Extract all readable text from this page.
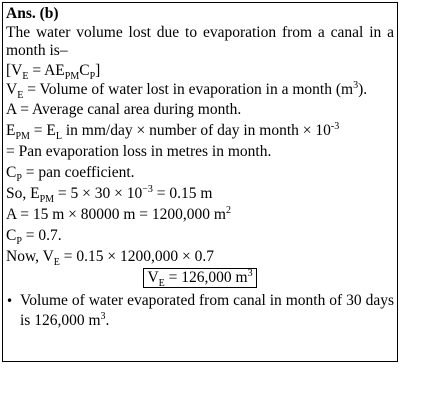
Ans. (b)
The water volume lost due to evaporation from a canal in a month is–
$[V_E = AE_{PM}C_P]$
$V_E$ = Volume of water lost in evaporation in a month $(m^3)$.
A = Average canal area during month.
$E_{PM} = E_L$ in mm/day × number of day in month × $10^{-3}$
= Pan evaporation loss in metres in month.
$C_P$ = pan coefficient.
So, $E_{PM} = 5 \times 30 \times 10^{-3} = 0.15$ m
A = 15 m × 80000 m = 1200,000 $m^2$
$C_P = 0.7$.
Now, $V_E = 0.15 \times 1200,000 \times 0.7$
$V_E = 126,000$ $m^3$
• Volume of water evaporated from canal in month of 30 days is 126,000 $m^3$.
